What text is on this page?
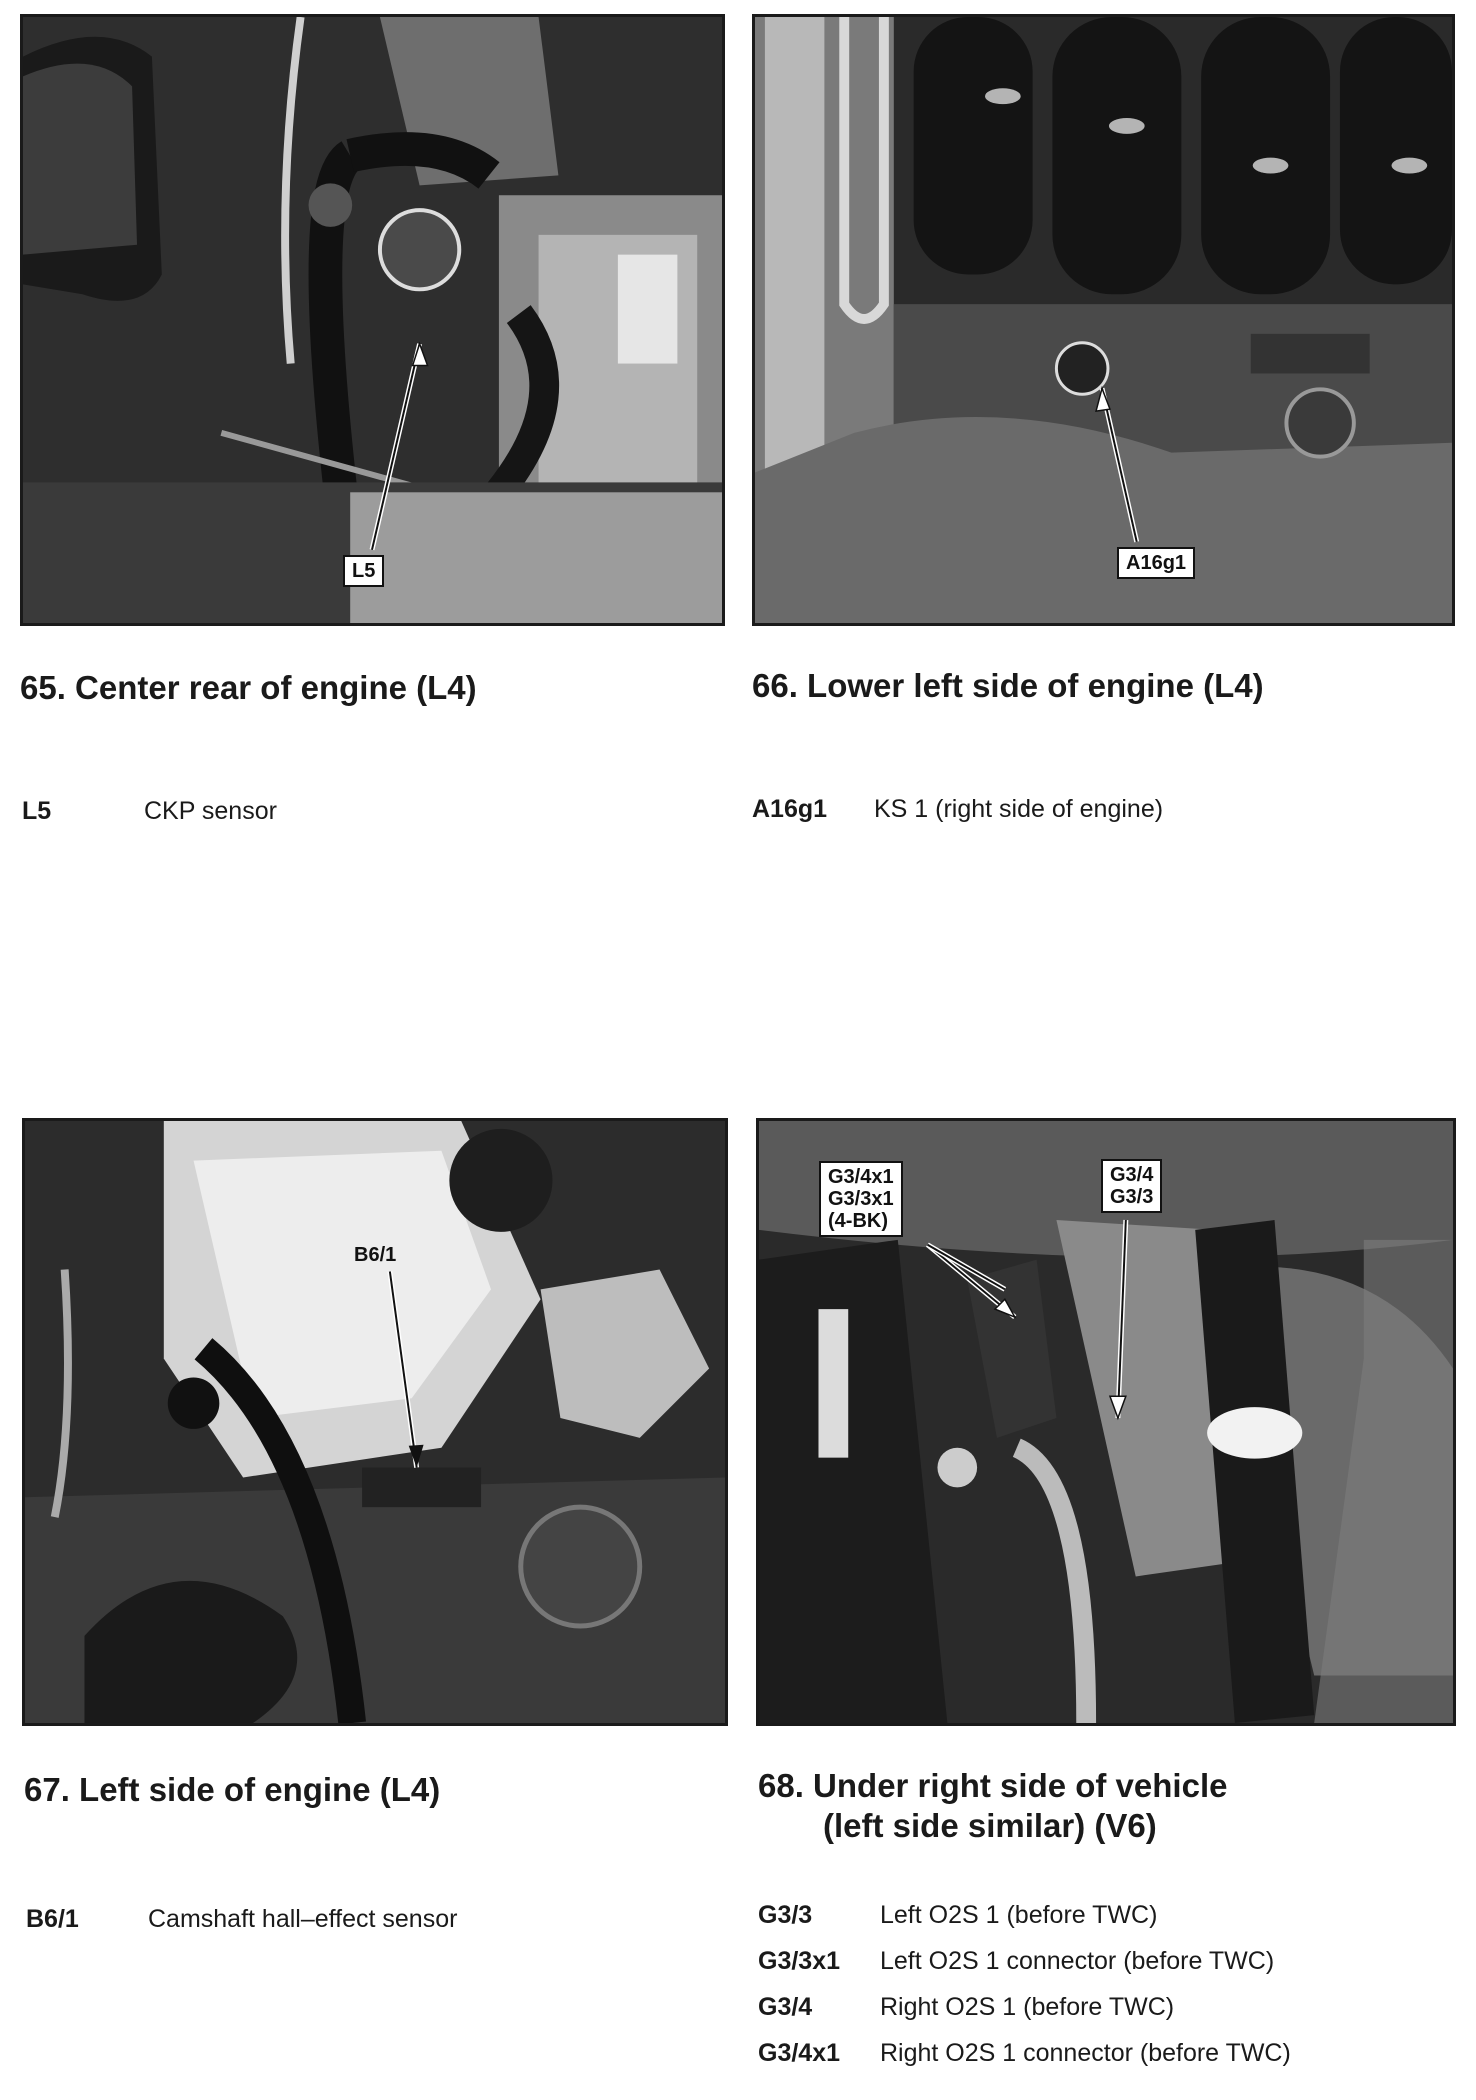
L5
65. Center rear of engine (L4)
L5	CKP sensor
A16g1
66. Lower left side of engine (L4)
A16g1	KS 1 (right side of engine)
B6/1
67. Left side of engine (L4)
B6/1	Camshaft hall–effect sensor
G3/4x1
G3/3x1
(4-BK)
G3/4
G3/3
68. Under right side of vehicle
(left side similar) (V6)
G3/3	Left O2S 1 (before TWC)
G3/3x1	Left O2S 1 connector (before TWC)
G3/4	Right O2S 1 (before TWC)
G3/4x1	Right O2S 1 connector (before TWC)
